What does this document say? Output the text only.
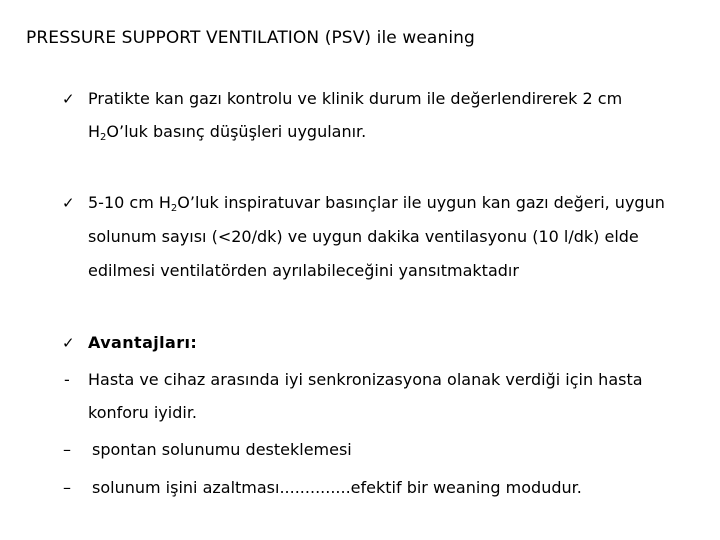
PRESSURE SUPPORT VENTILATION (PSV) ile weaning
✓ Pratikte kan gazı kontrolu ve klinik durum ile değerlendirerek 2 cm
$H_2O’luk$ basınç düşüşleri uygulanır.
✓ 5-10 cm $H_2O’luk$ inspiratuvar basınçlar ile uygun kan gazı değeri, uygun
solunum sayısı (<20/dk) ve uygun dakika ventilasyonu (10 l/dk) elde
edilmesi ventilatörden ayrılabileceğini yansıtmaktadır
✓ Avantajları:
- Hasta ve cihaz arasında iyi senkronizasyona olanak verdiği için hasta
konforu iyidir.
– spontan solunumu desteklemesi
– solunum işini azaltması..............efektif bir weaning modudur.
